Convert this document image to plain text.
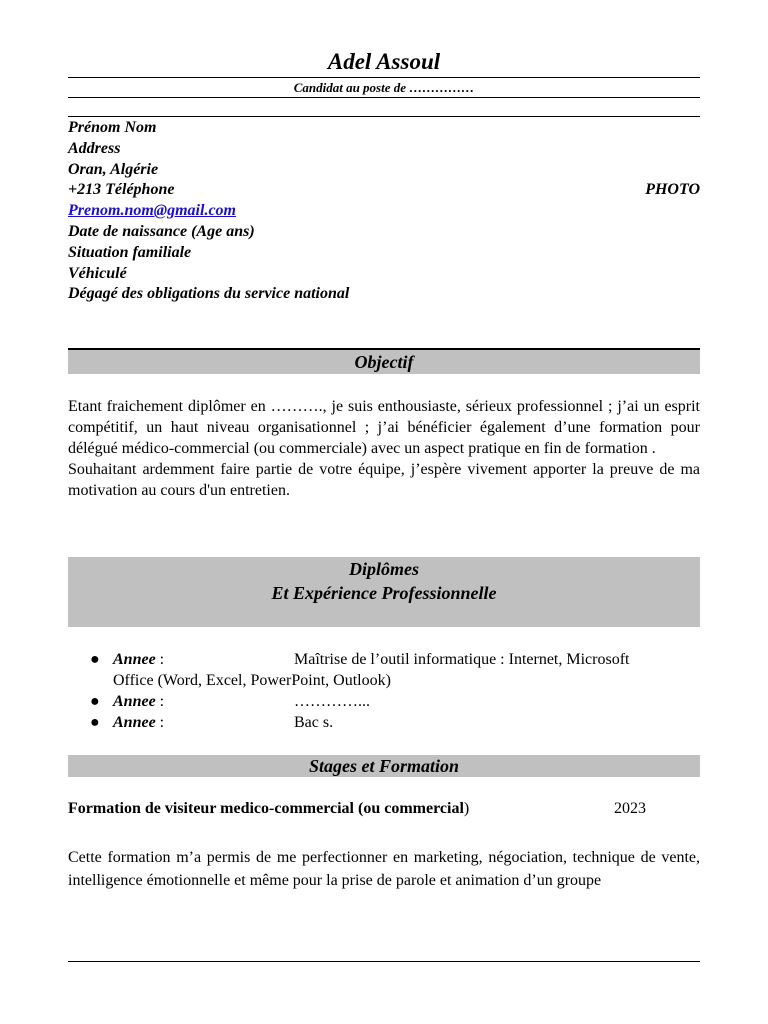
Adel Assoul
Candidat au poste de ……………
Prénom Nom
Address
Oran, Algérie
+213 Téléphone
Prenom.nom@gmail.com
Date de naissance (Age ans)
Situation familiale
Véhiculé
Dégagé des obligations du service national
PHOTO
Objectif

Etant fraichement diplômer en ………., je suis enthousiaste, sérieux professionnel ; j’ai un esprit compétitif, un haut niveau organisationnel ; j’ai bénéficier également d’une formation pour délégué médico-commercial (ou commerciale) avec un aspect pratique en fin de formation .

Souhaitant ardemment faire partie de votre équipe, j’espère vivement apporter la preuve de ma motivation au cours d'un entretien.

Diplômes
Et Expérience Professionnelle
● Annee :	Maîtrise de l’outil informatique : Internet, Microsoft
Office (Word, Excel, PowerPoint, Outlook)
● Annee :	…………...
● Annee :	Bac s.
Stages et Formation
Formation de visiteur medico-commercial (ou commercial)	2023

Cette formation m’a permis de me perfectionner en marketing, négociation, technique de vente, intelligence émotionnelle et même pour la prise de parole et animation d’un groupe
